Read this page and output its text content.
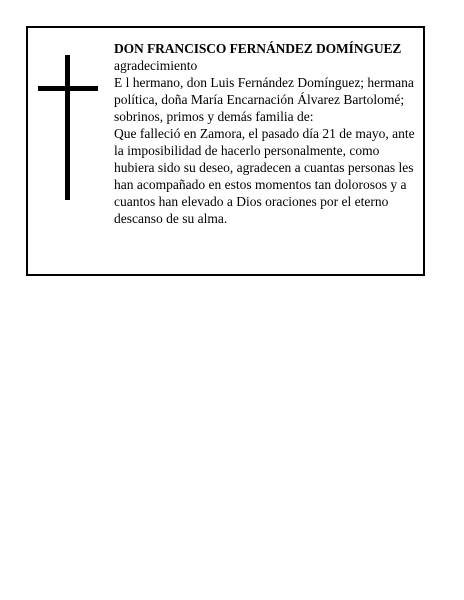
DON FRANCISCO FERNÁNDEZ DOMÍNGUEZ

agradecimiento

E l hermano, don Luis Fernández Domínguez; hermana

política, doña María Encarnación Álvarez Bartolomé;

sobrinos, primos y demás familia de:

Que falleció en Zamora, el pasado día 21 de mayo, ante

la imposibilidad de hacerlo personalmente, como

hubiera sido su deseo, agradecen a cuantas personas les

han acompañado en estos momentos tan dolorosos y a

cuantos han elevado a Dios oraciones por el eterno

descanso de su alma.
